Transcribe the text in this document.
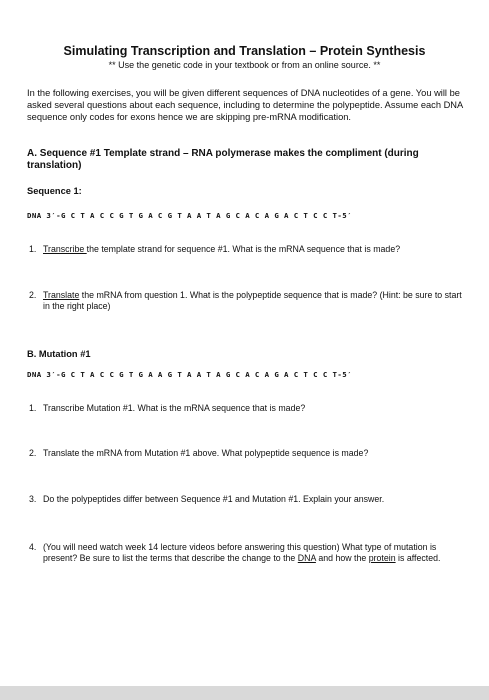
Simulating Transcription and Translation – Protein Synthesis
** Use the genetic code in your textbook or from an online source. **
In the following exercises, you will be given different sequences of DNA nucleotides of a gene. You will be asked several questions about each sequence, including to determine the polypeptide. Assume each DNA sequence only codes for exons hence we are skipping pre-mRNA modification.
A. Sequence #1 Template strand – RNA polymerase makes the compliment (during translation)
Sequence 1:
DNA 3′-G C T A C C G T G A C G T A A T A G C A C A G A C T C C T-5′
1. Transcribe the template strand for sequence #1. What is the mRNA sequence that is made?
2. Translate the mRNA from question 1. What is the polypeptide sequence that is made? (Hint: be sure to start in the right place)
B. Mutation #1
DNA 3′-G C T A C C G T G A A G T A A T A G C A C A G A C T C C T-5′
1. Transcribe Mutation #1. What is the mRNA sequence that is made?
2. Translate the mRNA from Mutation #1 above. What polypeptide sequence is made?
3. Do the polypeptides differ between Sequence #1 and Mutation #1. Explain your answer.
4. (You will need watch week 14 lecture videos before answering this question) What type of mutation is present? Be sure to list the terms that describe the change to the DNA and how the protein is affected.
